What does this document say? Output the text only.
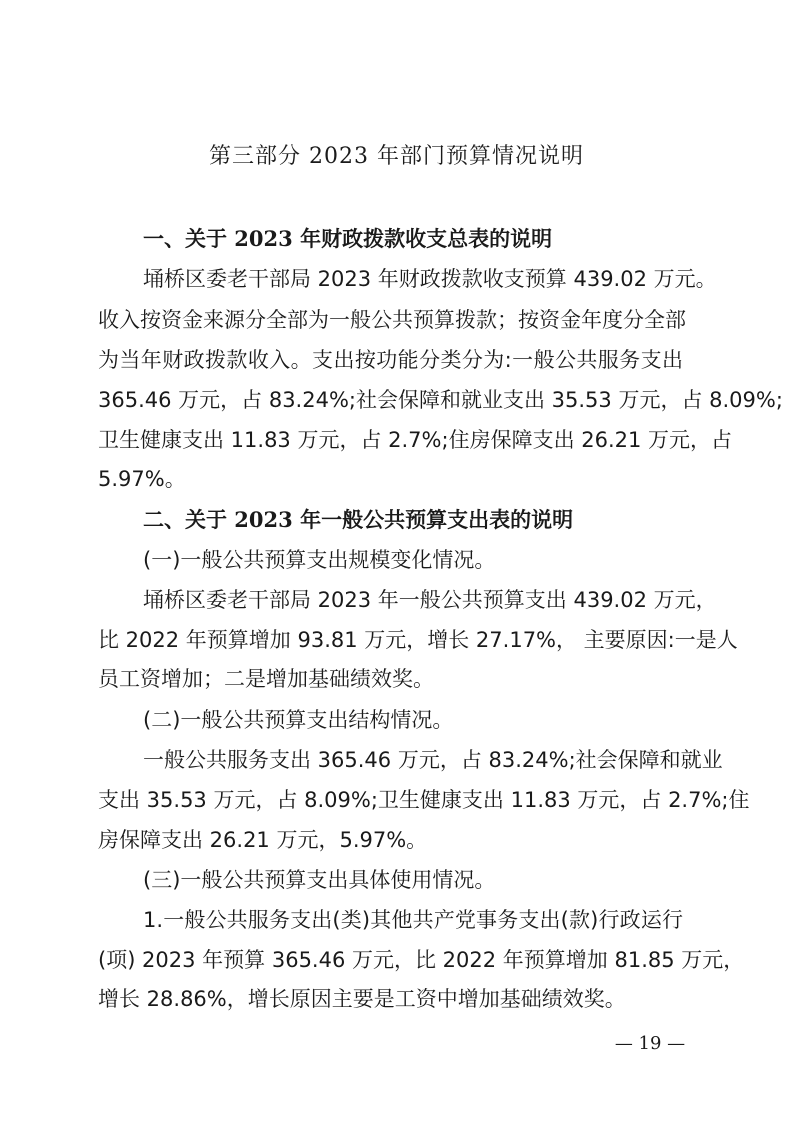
第三部分 2023 年部门预算情况说明
一、关于 2023 年财政拨款收支总表的说明
埇桥区委老干部局 2023 年财政拨款收支预算 439.02 万元。
收入按资金来源分全部为一般公共预算拨款；按资金年度分全部
为当年财政拨款收入。支出按功能分类分为:一般公共服务支出
365.46 万元，占 83.24%;社会保障和就业支出 35.53 万元，占 8.09%;
卫生健康支出 11.83 万元，占 2.7%;住房保障支出 26.21 万元，占
5.97%。
二、关于 2023 年一般公共预算支出表的说明
(一)一般公共预算支出规模变化情况。
埇桥区委老干部局 2023 年一般公共预算支出 439.02 万元，
比 2022 年预算增加 93.81 万元，增长 27.17%， 主要原因:一是人
员工资增加；二是增加基础绩效奖。
(二)一般公共预算支出结构情况。
一般公共服务支出 365.46 万元，占 83.24%;社会保障和就业
支出 35.53 万元，占 8.09%;卫生健康支出 11.83 万元，占 2.7%;住
房保障支出 26.21 万元，5.97%。
(三)一般公共预算支出具体使用情况。
1.一般公共服务支出(类)其他共产党事务支出(款)行政运行
(项) 2023 年预算 365.46 万元，比 2022 年预算增加 81.85 万元，
增长 28.86%，增长原因主要是工资中增加基础绩效奖。
— 19 —
